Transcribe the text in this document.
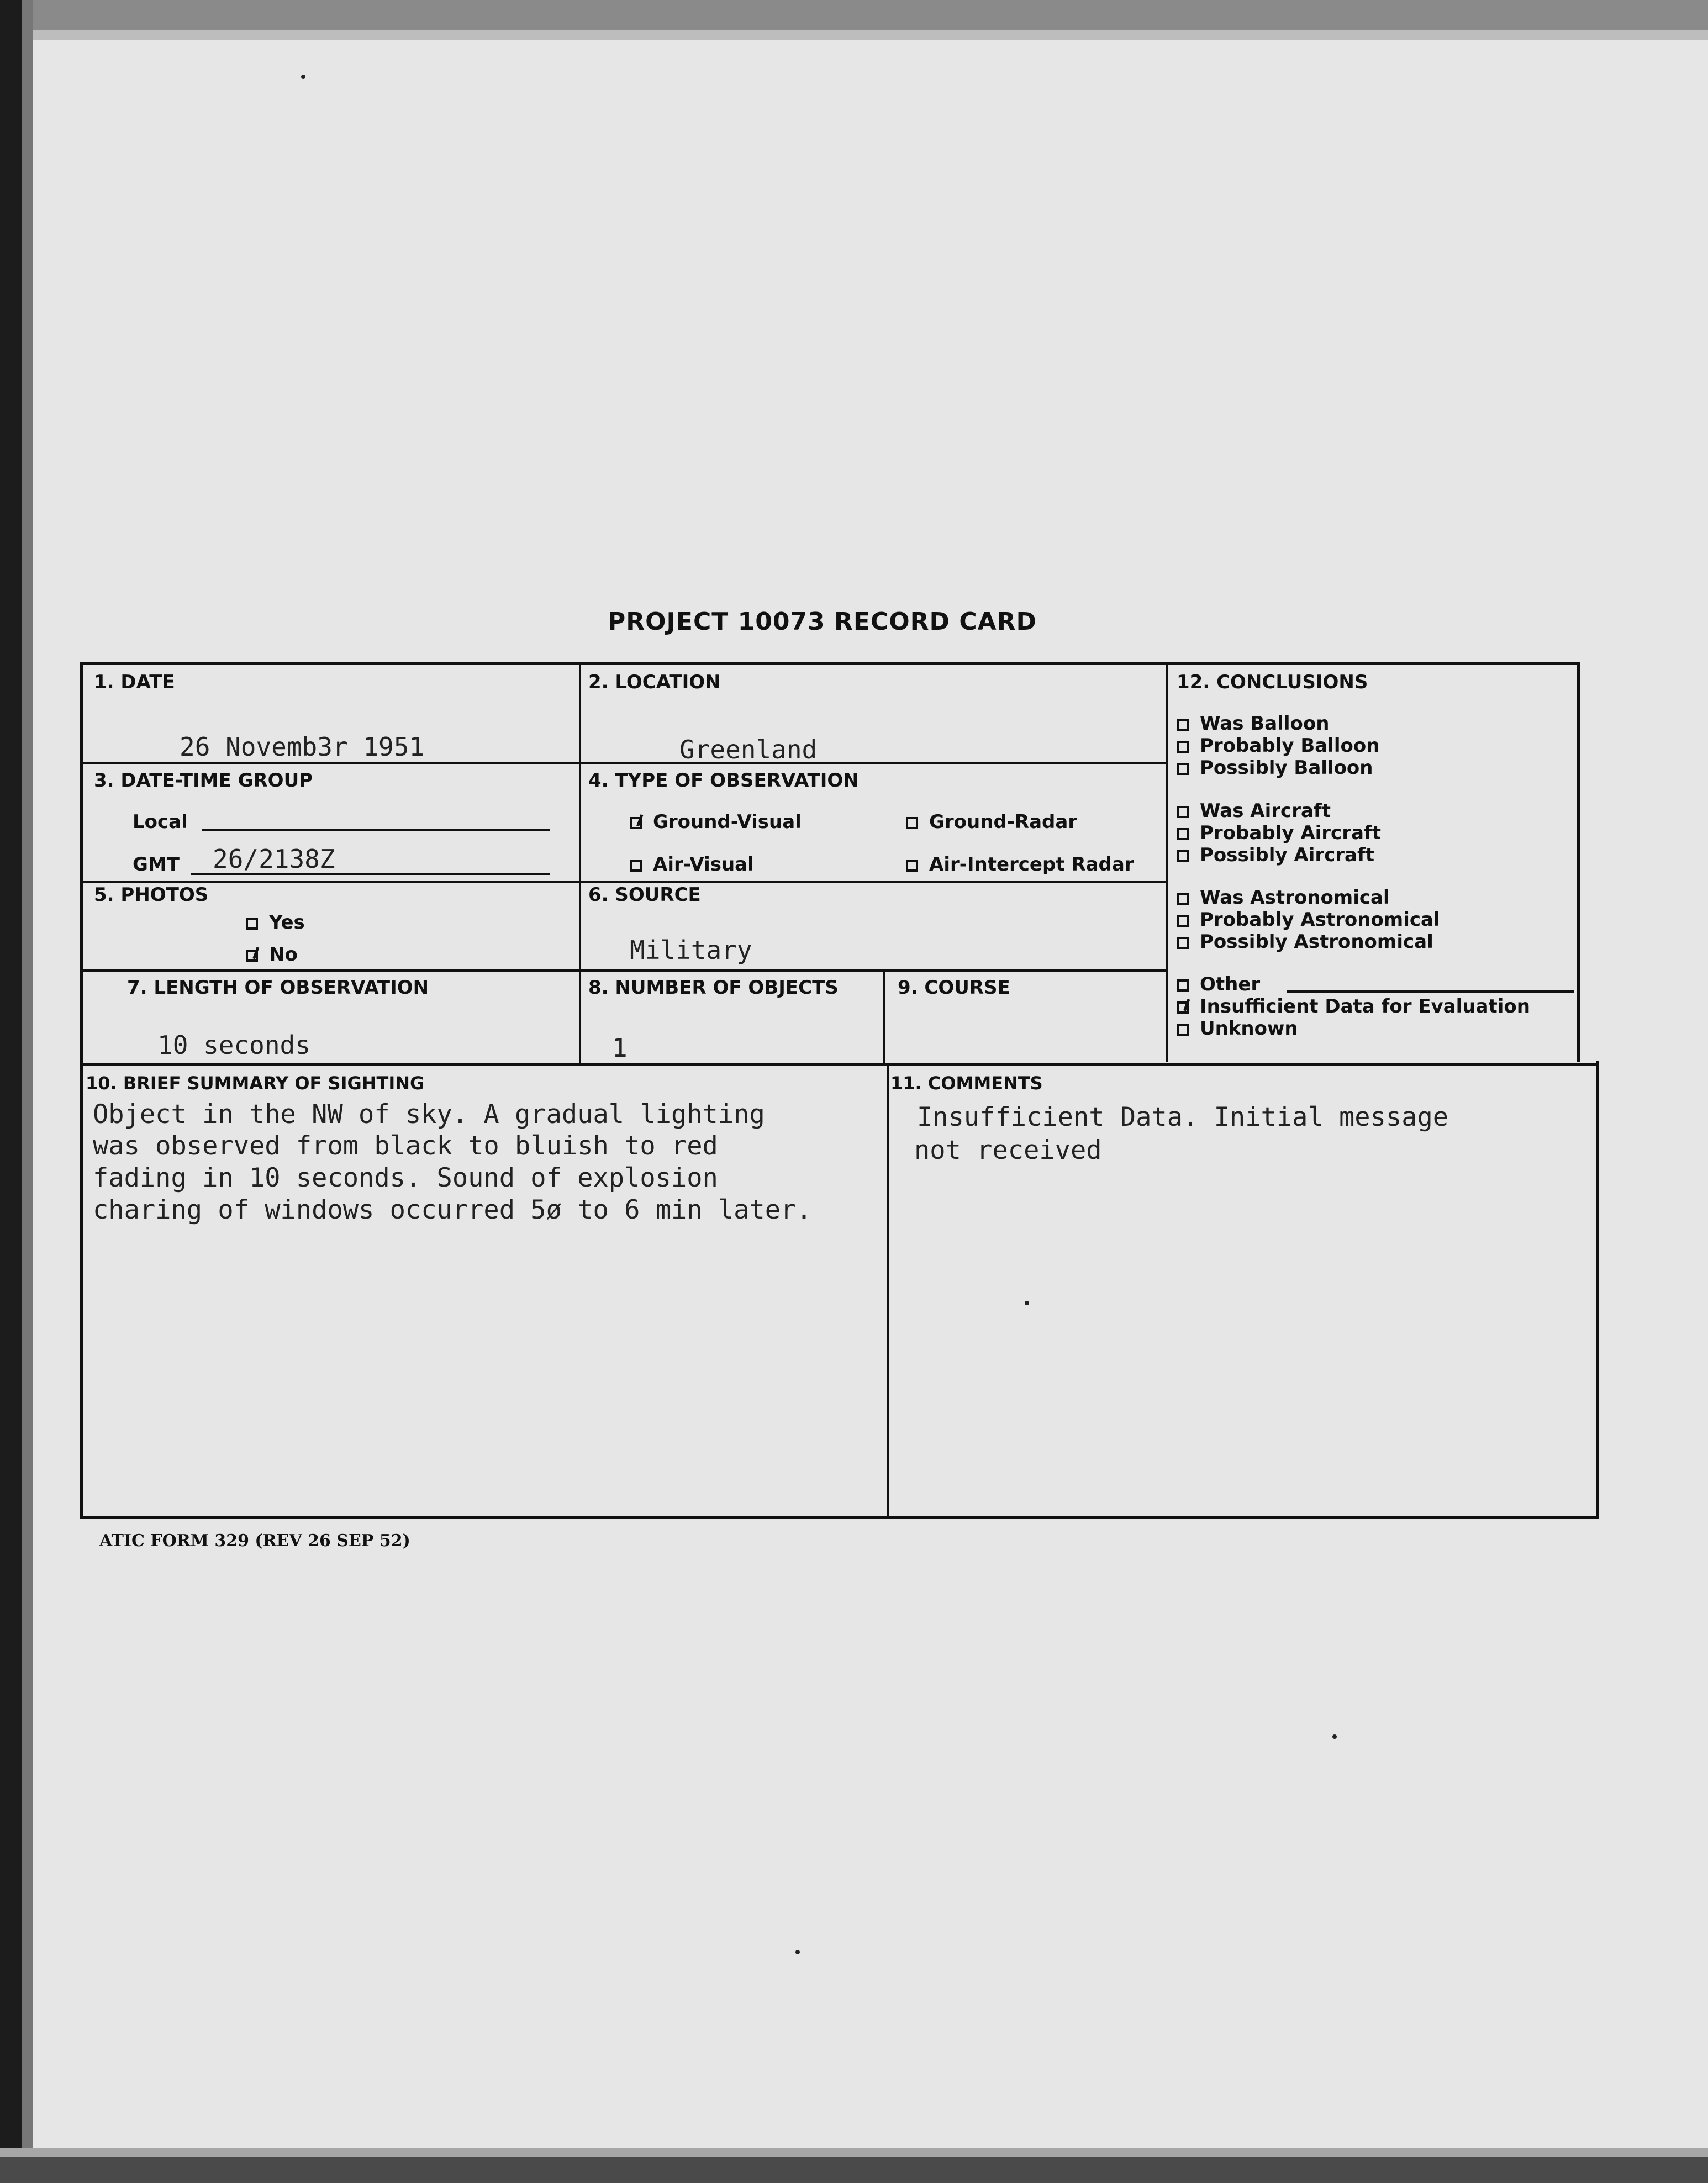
PROJECT 10073 RECORD CARD
1. DATE
26 Novemb3r 1951
2. LOCATION
Greenland
3. DATE-TIME GROUP
Local
GMT 26/2138Z
4. TYPE OF OBSERVATION
Ground-Visual	Ground-Radar
Air-Visual	Air-Intercept Radar
5. PHOTOS
Yes
No
6. SOURCE
Military
7. LENGTH OF OBSERVATION
10 seconds
8. NUMBER OF OBJECTS
1
9. COURSE
10. BRIEF SUMMARY OF SIGHTING
Object in the NW of sky. A gradual lighting
was observed from black to bluish to red
fading in 10 seconds. Sound of explosion
charing of windows occurred 5ø to 6 min later.
11. COMMENTS
Insufficient Data. Initial message
not received
12. CONCLUSIONS
Was Balloon
Probably Balloon
Possibly Balloon
Was Aircraft
Probably Aircraft
Possibly Aircraft
Was Astronomical
Probably Astronomical
Possibly Astronomical
Other
Insufficient Data for Evaluation
Unknown
ATIC FORM 329 (REV 26 SEP 52)
